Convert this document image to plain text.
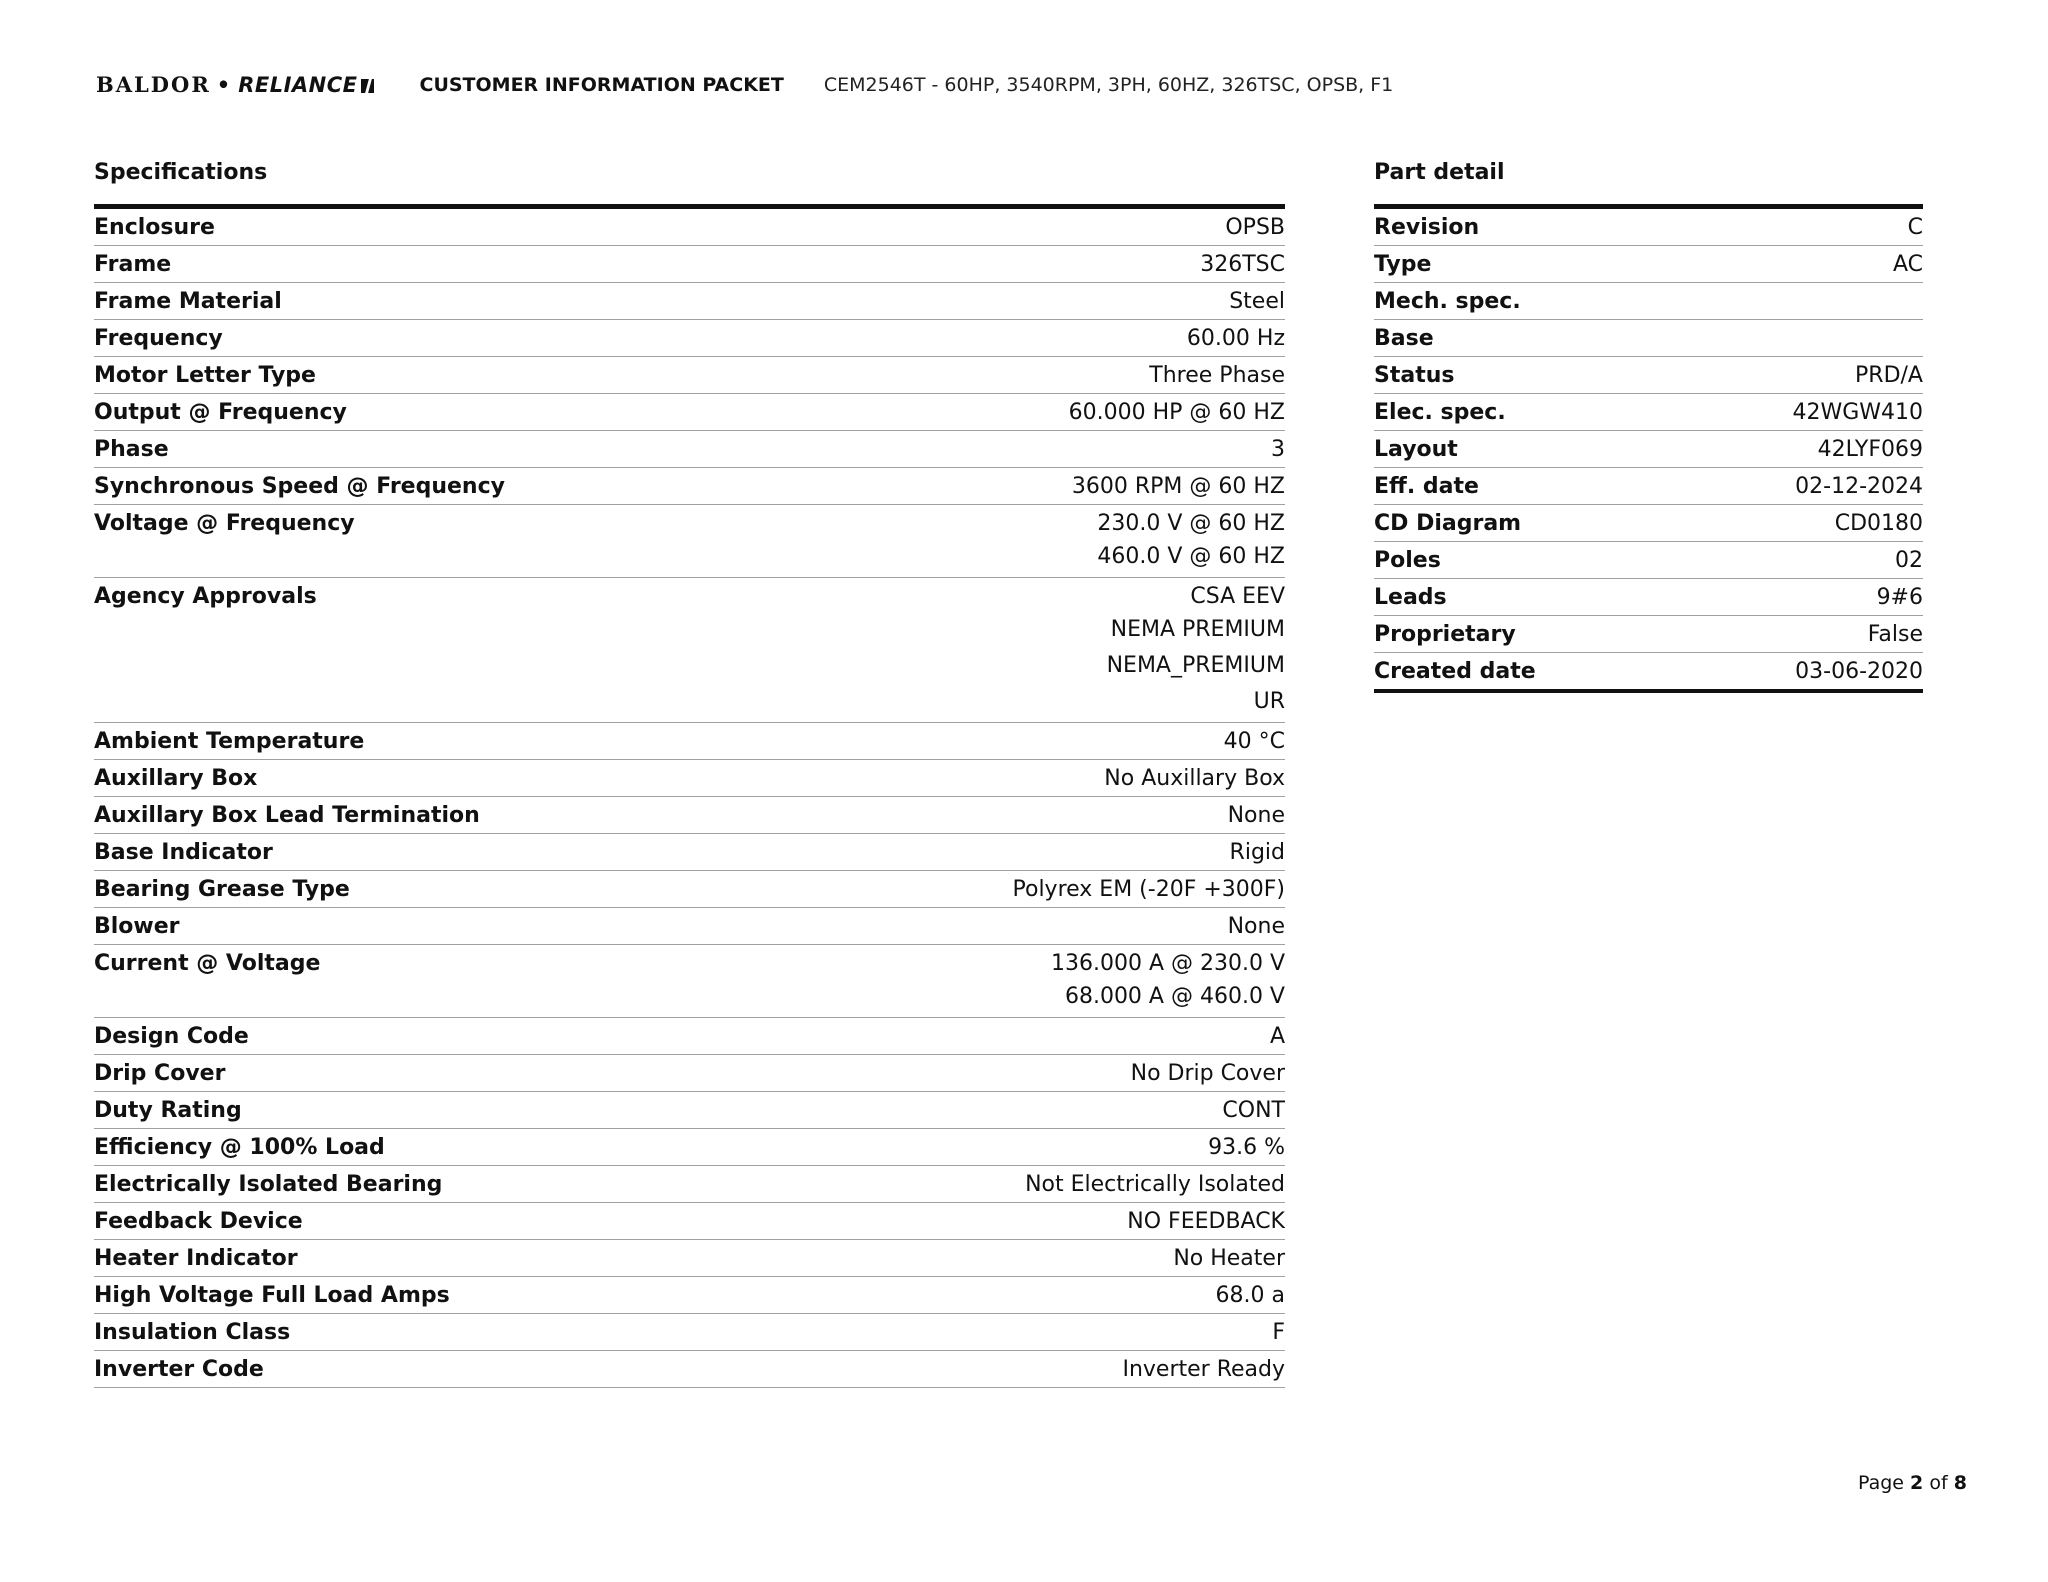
BALDOR • RELIANCE	CUSTOMER INFORMATION PACKET CEM2546T - 60HP, 3540RPM, 3PH, 60HZ, 326TSC, OPSB, F1
Specifications
Enclosure	OPSB
Frame	326TSC
Frame Material	Steel
Frequency	60.00 Hz
Motor Letter Type	Three Phase
Output @ Frequency	60.000 HP @ 60 HZ
Phase	3
Synchronous Speed @ Frequency	3600 RPM @ 60 HZ
Voltage @ Frequency	230.0 V @ 60 HZ
460.0 V @ 60 HZ
Agency Approvals	CSA EEV
NEMA PREMIUM
NEMA_PREMIUM
UR
Ambient Temperature	40 °C
Auxillary Box	No Auxillary Box
Auxillary Box Lead Termination	None
Base Indicator	Rigid
Bearing Grease Type	Polyrex EM (-20F +300F)
Blower	None
Current @ Voltage	136.000 A @ 230.0 V
68.000 A @ 460.0 V
Design Code	A
Drip Cover	No Drip Cover
Duty Rating	CONT
Efficiency @ 100% Load	93.6 %
Electrically Isolated Bearing	Not Electrically Isolated
Feedback Device	NO FEEDBACK
Heater Indicator	No Heater
High Voltage Full Load Amps	68.0 a
Insulation Class	F
Inverter Code	Inverter Ready
Part detail
Revision	C
Type	AC
Mech. spec.
Base
Status	PRD/A
Elec. spec.	42WGW410
Layout	42LYF069
Eff. date	02-12-2024
CD Diagram	CD0180
Poles	02
Leads	9#6
Proprietary	False
Created date	03-06-2020
Page 2 of 8
